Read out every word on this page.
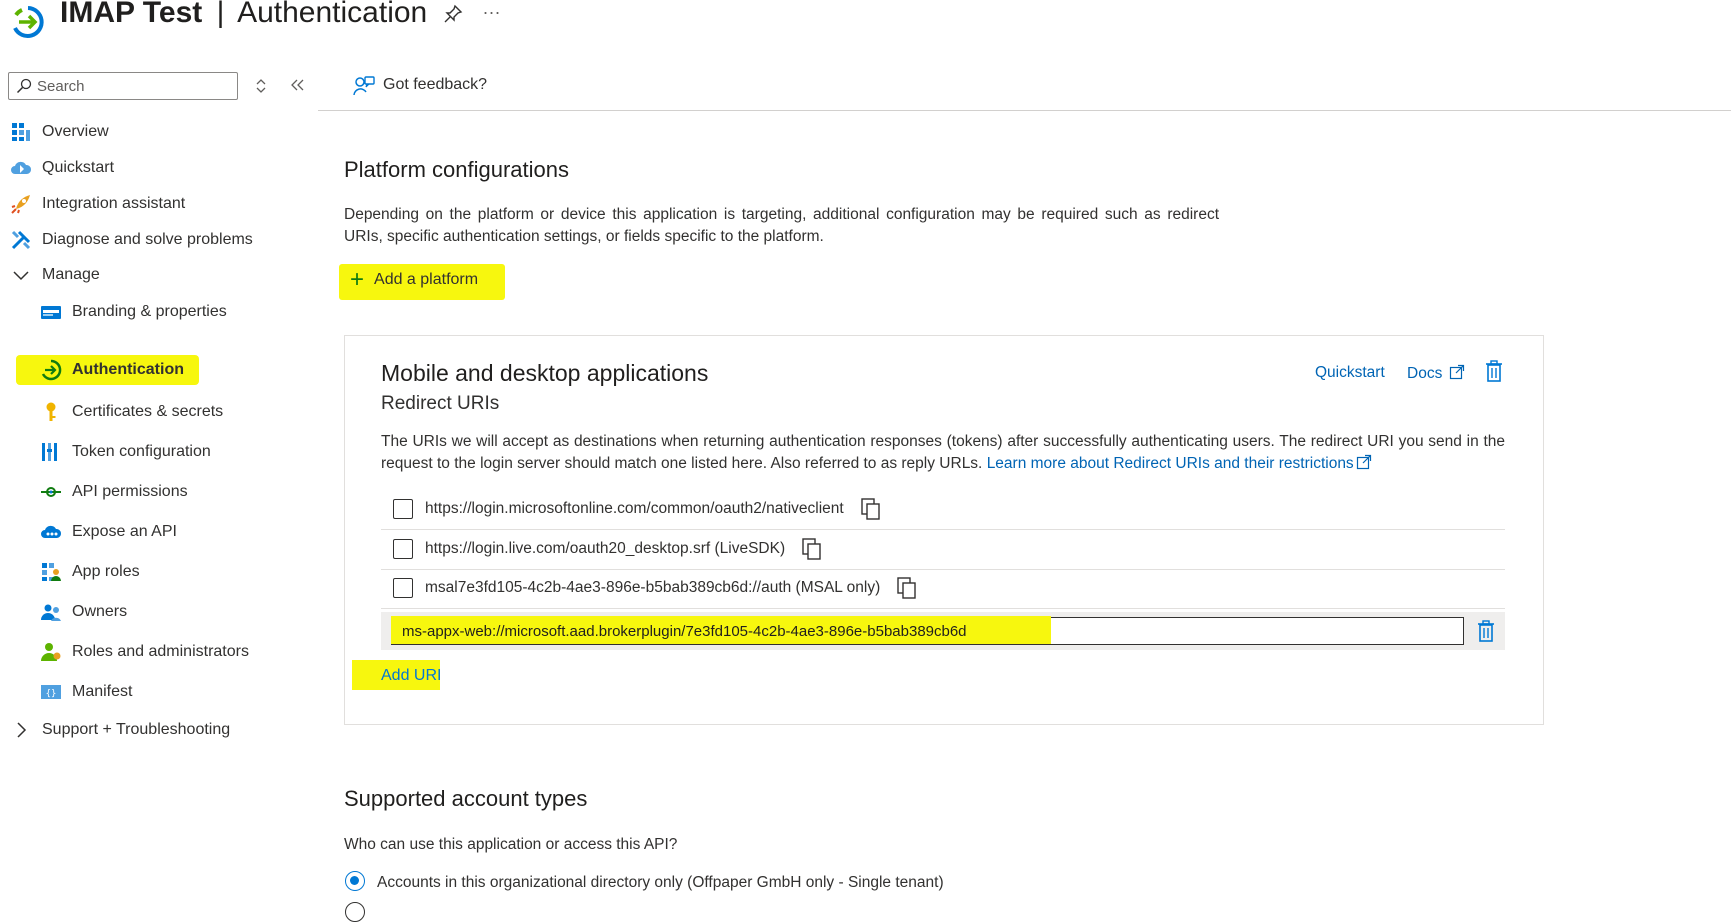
IMAP Test | Authentication	...
Search
Overview
Quickstart
Integration assistant
Diagnose and solve problems
Manage
Branding & properties
Authentication
Certificates & secrets
Token configuration
API permissions
Expose an API
App roles
Owners
Roles and administrators
{} Manifest
Support + Troubleshooting
Got feedback?
Platform configurations
Depending on the platform or device this application is targeting, additional configuration may be required such as redirect URIs, specific authentication settings, or fields specific to the platform.
+ Add a platform
Mobile and desktop applications
Redirect URIs
Quickstart Docs
The URIs we will accept as destinations when returning authentication responses (tokens) after successfully authenticating users. The redirect URI you send in the request to the login server should match one listed here. Also referred to as reply URLs. Learn more about Redirect URIs and their restrictions
https://login.microsoftonline.com/common/oauth2/nativeclient
https://login.live.com/oauth20_desktop.srf (LiveSDK)
msal7e3fd105-4c2b-4ae3-896e-b5bab389cb6d://auth (MSAL only)
ms-appx-web://microsoft.aad.brokerplugin/7e3fd105-4c2b-4ae3-896e-b5bab389cb6d
Add URI
Supported account types
Who can use this application or access this API?
Accounts in this organizational directory only (Offpaper GmbH only - Single tenant)
